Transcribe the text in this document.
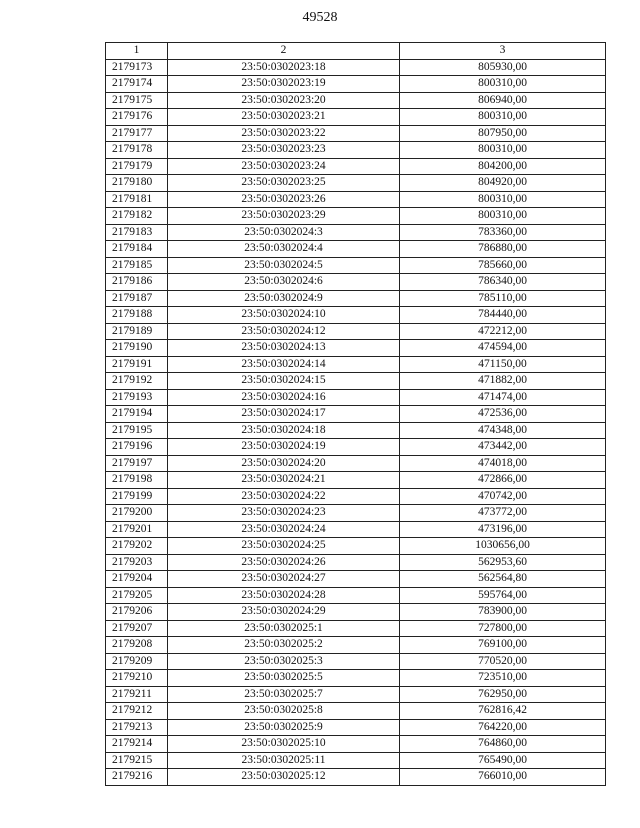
49528
1	2	3
2179173	23:50:0302023:18	805930,00
2179174	23:50:0302023:19	800310,00
2179175	23:50:0302023:20	806940,00
2179176	23:50:0302023:21	800310,00
2179177	23:50:0302023:22	807950,00
2179178	23:50:0302023:23	800310,00
2179179	23:50:0302023:24	804200,00
2179180	23:50:0302023:25	804920,00
2179181	23:50:0302023:26	800310,00
2179182	23:50:0302023:29	800310,00
2179183	23:50:0302024:3	783360,00
2179184	23:50:0302024:4	786880,00
2179185	23:50:0302024:5	785660,00
2179186	23:50:0302024:6	786340,00
2179187	23:50:0302024:9	785110,00
2179188	23:50:0302024:10	784440,00
2179189	23:50:0302024:12	472212,00
2179190	23:50:0302024:13	474594,00
2179191	23:50:0302024:14	471150,00
2179192	23:50:0302024:15	471882,00
2179193	23:50:0302024:16	471474,00
2179194	23:50:0302024:17	472536,00
2179195	23:50:0302024:18	474348,00
2179196	23:50:0302024:19	473442,00
2179197	23:50:0302024:20	474018,00
2179198	23:50:0302024:21	472866,00
2179199	23:50:0302024:22	470742,00
2179200	23:50:0302024:23	473772,00
2179201	23:50:0302024:24	473196,00
2179202	23:50:0302024:25	1030656,00
2179203	23:50:0302024:26	562953,60
2179204	23:50:0302024:27	562564,80
2179205	23:50:0302024:28	595764,00
2179206	23:50:0302024:29	783900,00
2179207	23:50:0302025:1	727800,00
2179208	23:50:0302025:2	769100,00
2179209	23:50:0302025:3	770520,00
2179210	23:50:0302025:5	723510,00
2179211	23:50:0302025:7	762950,00
2179212	23:50:0302025:8	762816,42
2179213	23:50:0302025:9	764220,00
2179214	23:50:0302025:10	764860,00
2179215	23:50:0302025:11	765490,00
2179216	23:50:0302025:12	766010,00
